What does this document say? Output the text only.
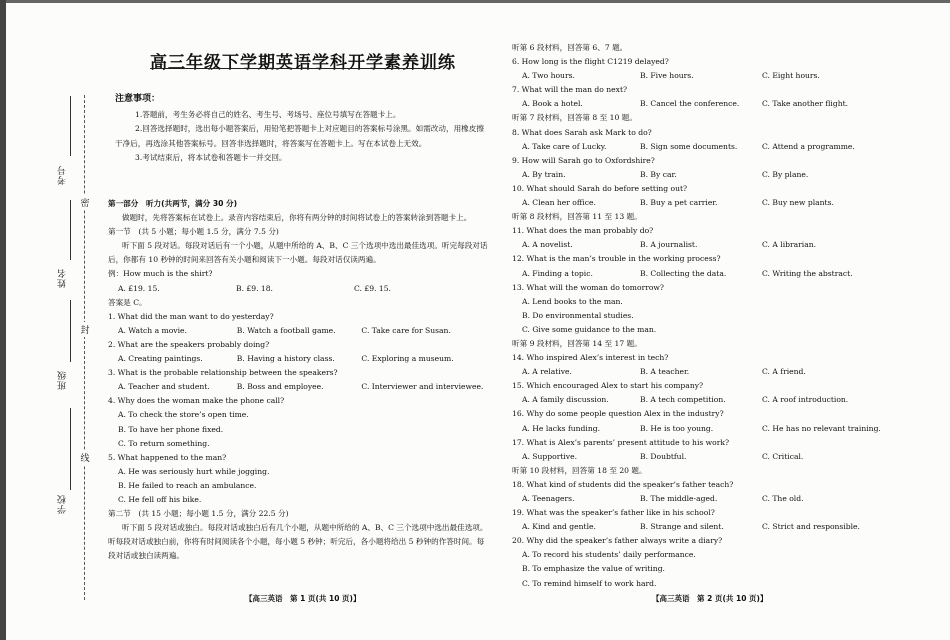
考号
姓名
班级
学校
密
封
线
高三年级下学期英语学科开学素养训练
注意事项：

1.答题前，考生务必将自己的姓名、考生号、考场号、座位号填写在答题卡上。

2.回答选择题时，选出每小题答案后，用铅笔把答题卡上对应题目的答案标号涂黑。如需改动，用橡皮擦干净后，再选涂其他答案标号。回答非选择题时，将答案写在答题卡上。写在本试卷上无效。

3.考试结束后，将本试卷和答题卡一并交回。

第一部分　听力(共两节，满分 30 分)

做题时，先将答案标在试卷上。录音内容结束后，你将有两分钟的时间将试卷上的答案转涂到答题卡上。

第一节　(共 5 小题；每小题 1.5 分，满分 7.5 分)

听下面 5 段对话。每段对话后有一个小题，从题中所给的 A、B、C 三个选项中选出最佳选项。听完每段对话后，你都有 10 秒钟的时间来回答有关小题和阅读下一小题。每段对话仅读两遍。

例：How much is the shirt?

A. £19. 15.	B. £9. 18.	C. £9. 15.

答案是 C。

1. What did the man want to do yesterday?

A. Watch a movie.	B. Watch a football game.	C. Take care for Susan.

2. What are the speakers probably doing?

A. Creating paintings.	B. Having a history class.	C. Exploring a museum.

3. What is the probable relationship between the speakers?

A. Teacher and student.	B. Boss and employee.	C. Interviewer and interviewee.

4. Why does the woman make the phone call?

A. To check the store’s open time.

B. To have her phone fixed.

C. To return something.

5. What happened to the man?

A. He was seriously hurt while jogging.

B. He failed to reach an ambulance.

C. He fell off his bike.

第二节　(共 15 小题；每小题 1.5 分，满分 22.5 分)

听下面 5 段对话或独白。每段对话或独白后有几个小题，从题中所给的 A、B、C 三个选项中选出最佳选项。听每段对话或独白前，你将有时间阅读各个小题，每小题 5 秒钟；听完后，各小题将给出 5 秒钟的作答时间。每段对话或独白读两遍。

【高三英语　第 1 页(共 10 页)】

听第 6 段材料，回答第 6、7 题。

6. How long is the flight C1219 delayed?

A. Two hours.	B. Five hours.	C. Eight hours.

7. What will the man do next?

A. Book a hotel.	B. Cancel the conference.	C. Take another flight.

听第 7 段材料，回答第 8 至 10 题。

8. What does Sarah ask Mark to do?

A. Take care of Lucky.	B. Sign some documents.	C. Attend a programme.

9. How will Sarah go to Oxfordshire?

A. By train.	B. By car.	C. By plane.

10. What should Sarah do before setting out?

A. Clean her office.	B. Buy a pet carrier.	C. Buy new plants.

听第 8 段材料，回答第 11 至 13 题。

11. What does the man probably do?

A. A novelist.	B. A journalist.	C. A librarian.

12. What is the man’s trouble in the working process?

A. Finding a topic.	B. Collecting the data.	C. Writing the abstract.

13. What will the woman do tomorrow?

A. Lend books to the man.

B. Do environmental studies.

C. Give some guidance to the man.

听第 9 段材料，回答第 14 至 17 题。

14. Who inspired Alex’s interest in tech?

A. A relative.	B. A teacher.	C. A friend.

15. Which encouraged Alex to start his company?

A. A family discussion.	B. A tech competition.	C. A roof introduction.

16. Why do some people question Alex in the industry?

A. He lacks funding.	B. He is too young.	C. He has no relevant training.

17. What is Alex’s parents’ present attitude to his work?

A. Supportive.	B. Doubtful.	C. Critical.

听第 10 段材料，回答第 18 至 20 题。

18. What kind of students did the speaker’s father teach?

A. Teenagers.	B. The middle-aged.	C. The old.

19. What was the speaker’s father like in his school?

A. Kind and gentle.	B. Strange and silent.	C. Strict and responsible.

20. Why did the speaker’s father always write a diary?

A. To record his students’ daily performance.

B. To emphasize the value of writing.

C. To remind himself to work hard.

【高三英语　第 2 页(共 10 页)】
